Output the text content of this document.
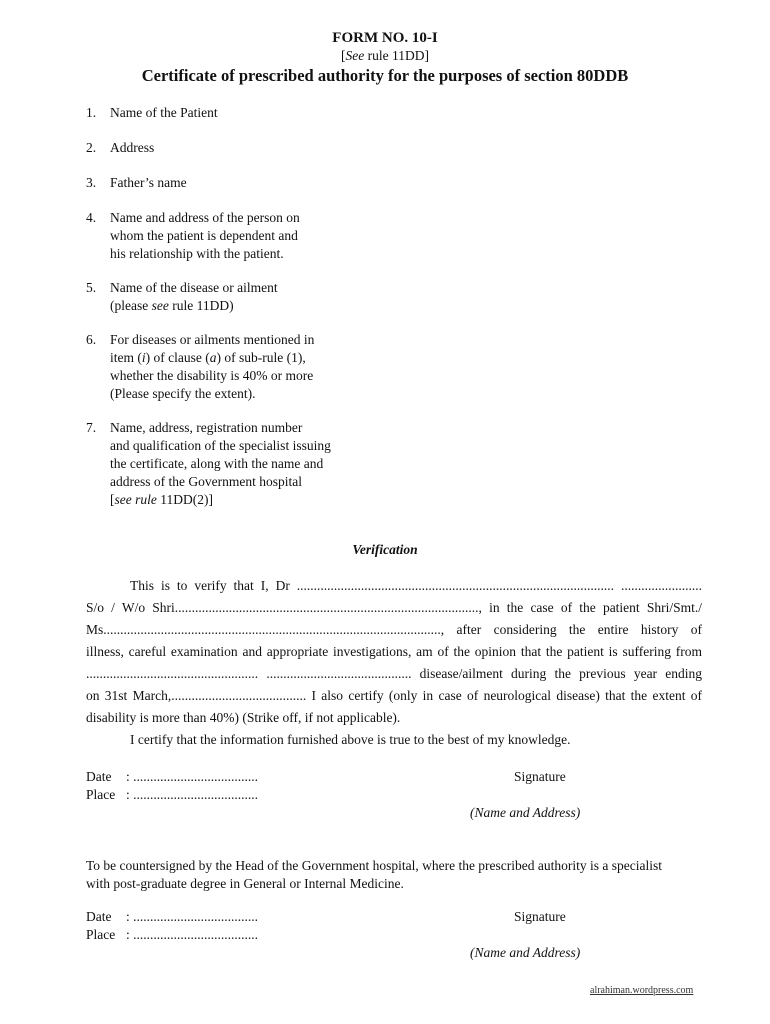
FORM NO. 10-I
[See rule 11DD]
Certificate of prescribed authority for the purposes of section 80DDB
1. Name of the Patient
2. Address
3. Father’s name
4. Name and address of the person on
whom the patient is dependent and
his relationship with the patient.
5. Name of the disease or ailment
(please see rule 11DD)
6. For diseases or ailments mentioned in
item (i) of clause (a) of sub-rule (1),
whether the disability is 40% or more
(Please specify the extent).
7. Name, address, registration number
and qualification of the specialist issuing
the certificate, along with the name and
address of the Government hospital
[see rule 11DD(2)]
Verification
This is to verify that I, Dr .............................................................................................. ........................
S/o / W/o Shri.........................................................................................., in the case of the patient Shri/Smt./
Ms...................................................................................................., after considering the entire history of
illness, careful examination and appropriate investigations, am of the opinion that the patient is suffering from
................................................... ........................................... disease/ailment during the previous year ending
on 31st March,........................................ I also certify (only in case of neurological disease) that the extent of
disability is more than 40%) (Strike off, if not applicable).
I certify that the information furnished above is true to the best of my knowledge.
Date : .....................................
Place : .....................................
Signature
(Name and Address)
To be countersigned by the Head of the Government hospital, where the prescribed authority is a specialist
with post-graduate degree in General or Internal Medicine.
Date : .....................................
Place : .....................................
Signature
(Name and Address)
alrahiman.wordpress.com
